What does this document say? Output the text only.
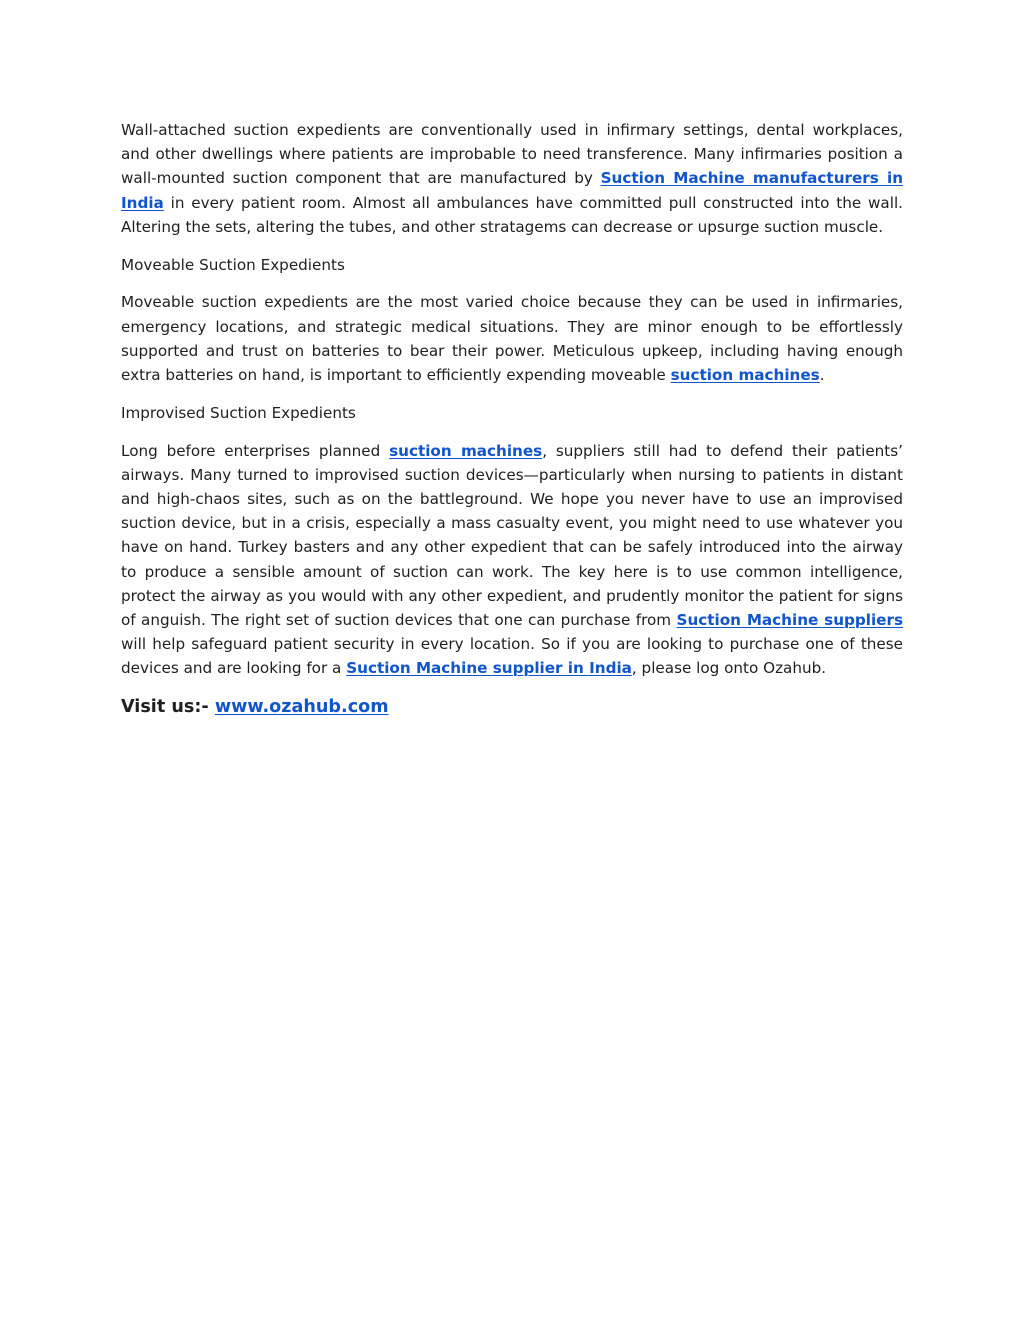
Wall-attached suction expedients are conventionally used in infirmary settings, dental workplaces, and other dwellings where patients are improbable to need transference. Many infirmaries position a wall-mounted suction component that are manufactured by Suction Machine manufacturers in India in every patient room. Almost all ambulances have committed pull constructed into the wall. Altering the sets, altering the tubes, and other stratagems can decrease or upsurge suction muscle.

Moveable Suction Expedients

Moveable suction expedients are the most varied choice because they can be used in infirmaries, emergency locations, and strategic medical situations. They are minor enough to be effortlessly supported and trust on batteries to bear their power. Meticulous upkeep, including having enough extra batteries on hand, is important to efficiently expending moveable suction machines.

Improvised Suction Expedients

Long before enterprises planned suction machines, suppliers still had to defend their patients’ airways. Many turned to improvised suction devices—particularly when nursing to patients in distant and high-chaos sites, such as on the battleground. We hope you never have to use an improvised suction device, but in a crisis, especially a mass casualty event, you might need to use whatever you have on hand. Turkey basters and any other expedient that can be safely introduced into the airway to produce a sensible amount of suction can work. The key here is to use common intelligence, protect the airway as you would with any other expedient, and prudently monitor the patient for signs of anguish. The right set of suction devices that one can purchase from Suction Machine suppliers will help safeguard patient security in every location. So if you are looking to purchase one of these devices and are looking for a Suction Machine supplier in India, please log onto Ozahub.

Visit us:- www.ozahub.com
